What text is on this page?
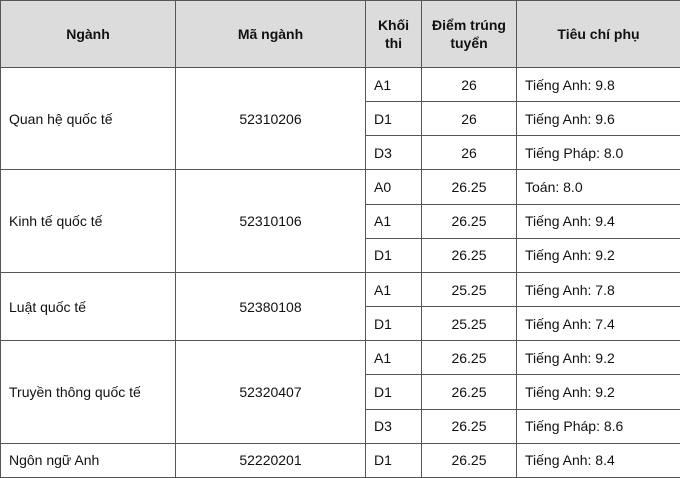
Ngành	Mã ngành	Khối thi	Điểm trúng tuyển	Tiêu chí phụ
Quan hệ quốc tế	52310206	A1	26	Tiếng Anh: 9.8
		D1	26	Tiếng Anh: 9.6
		D3	26	Tiếng Pháp: 8.0
Kinh tế quốc tế	52310106	A0	26.25	Toán: 8.0
		A1	26.25	Tiếng Anh: 9.4
		D1	26.25	Tiếng Anh: 9.2
Luật quốc tế	52380108	A1	25.25	Tiếng Anh: 7.8
		D1	25.25	Tiếng Anh: 7.4
Truyền thông quốc tế	52320407	A1	26.25	Tiếng Anh: 9.2
		D1	26.25	Tiếng Anh: 9.2
		D3	26.25	Tiếng Pháp: 8.6
Ngôn ngữ Anh	52220201	D1	26.25	Tiếng Anh: 8.4
